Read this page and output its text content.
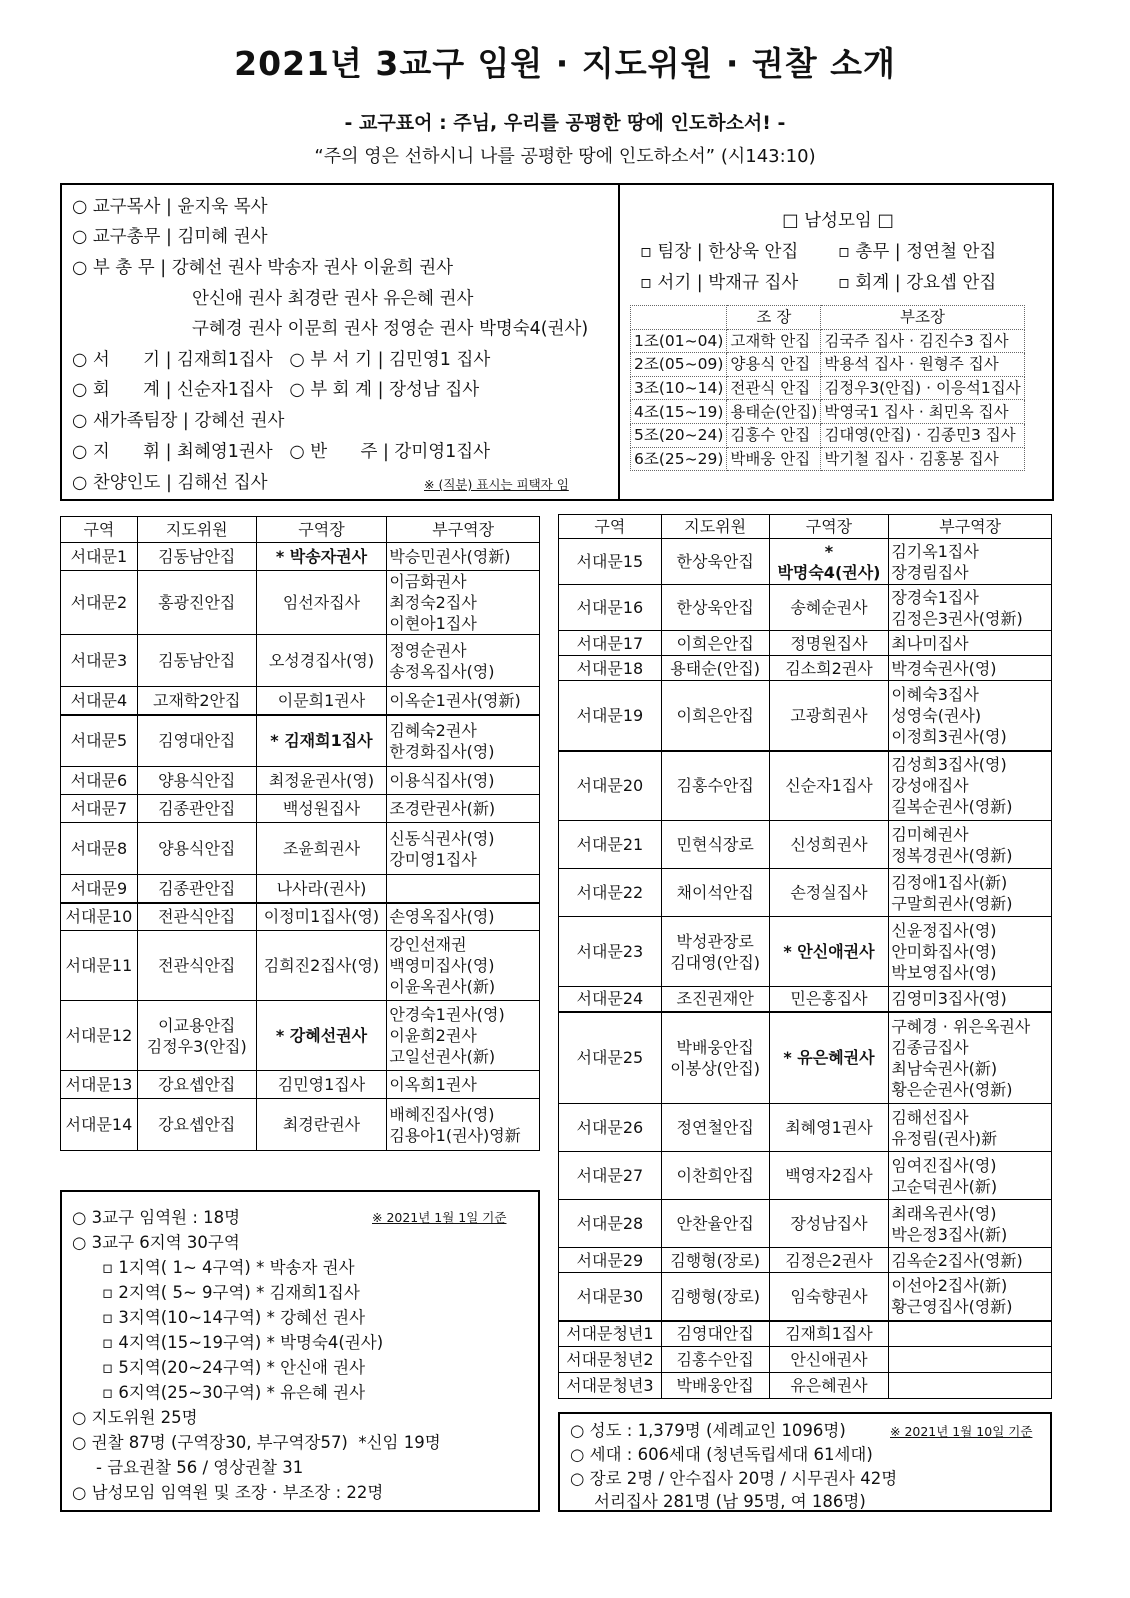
2021년 3교구 임원 · 지도위원 · 권찰 소개
- 교구표어 : 주님, 우리를 공평한 땅에 인도하소서! -
“주의 영은 선하시니 나를 공평한 땅에 인도하소서” (시143:10)
○ 교구목사 | 윤지욱 목사
○ 교구총무 | 김미혜 권사
○ 부 총 무 | 강혜선 권사 박송자 권사 이윤희 권사
안신애 권사 최경란 권사 유은혜 권사
구혜경 권사 이문희 권사 정영순 권사 박명숙4(권사)
○ 서      기 | 김재희1집사   ○ 부 서 기 | 김민영1 집사
○ 회      계 | 신순자1집사   ○ 부 회 계 | 장성남 집사
○ 새가족팀장 | 강혜선 권사
○ 지      휘 | 최혜영1권사   ○ 반      주 | 강미영1집사
○ 찬양인도 | 김해선 집사	※ (직분) 표시는 피택자 임
□ 남성모임 □
▫ 팀장 | 한상욱 안집 ▫ 총무 | 정연철 안집
▫ 서기 | 박재규 집사 ▫ 회계 | 강요셉 안집
	조 장	부조장
1조(01~04)	고재학 안집	김국주 집사 · 김진수3 집사
2조(05~09)	양용식 안집	박용석 집사 · 원형주 집사
3조(10~14)	전관식 안집	김정우3(안집) · 이응석1집사
4조(15~19)	용태순(안집)	박영국1 집사 · 최민옥 집사
5조(20~24)	김홍수 안집	김대영(안집) · 김종민3 집사
6조(25~29)	박배웅 안집	박기철 집사 · 김홍봉 집사
구역	지도위원	구역장	부구역장
서대문1	김동남안집	* 박송자권사	박승민권사(영新)
서대문2	홍광진안집	임선자집사	이금화권사
최정숙2집사
이현아1집사
서대문3	김동남안집	오성경집사(영)	정영순권사
송정옥집사(영)
서대문4	고재학2안집	이문희1권사	이옥순1권사(영新)
서대문5	김영대안집	* 김재희1집사	김혜숙2권사
한경화집사(영)
서대문6	양용식안집	최정윤권사(영)	이용식집사(영)
서대문7	김종관안집	백성원집사	조경란권사(新)
서대문8	양용식안집	조윤희권사	신동식권사(영)
강미영1집사
서대문9	김종관안집	나사라(권사)	
서대문10	전관식안집	이정미1집사(영)	손영옥집사(영)
서대문11	전관식안집	김희진2집사(영)	강인선재권
백영미집사(영)
이윤옥권사(新)
서대문12	이교용안집
김정우3(안집)	* 강혜선권사	안경숙1권사(영)
이윤희2권사
고일선권사(新)
서대문13	강요셉안집	김민영1집사	이옥희1권사
서대문14	강요셉안집	최경란권사	배혜진집사(영)
김용아1(권사)영新
구역	지도위원	구역장	부구역장
서대문15	한상욱안집	*
박명숙4(권사)	김기옥1집사
장경림집사
서대문16	한상욱안집	송혜순권사	장경숙1집사
김정은3권사(영新)
서대문17	이희은안집	정명원집사	최나미집사
서대문18	용태순(안집)	김소희2권사	박경숙권사(영)
서대문19	이희은안집	고광희권사	이혜숙3집사
성영숙(권사)
이정희3권사(영)
서대문20	김홍수안집	신순자1집사	김성희3집사(영)
강성애집사
길복순권사(영新)
서대문21	민현식장로	신성희권사	김미혜권사
정복경권사(영新)
서대문22	채이석안집	손정실집사	김정애1집사(新)
구말희권사(영新)
서대문23	박성관장로
김대영(안집)	* 안신애권사	신윤정집사(영)
안미화집사(영)
박보영집사(영)
서대문24	조진권재안	민은홍집사	김영미3집사(영)
서대문25	박배웅안집
이봉상(안집)	* 유은혜권사	구혜경 · 위은옥권사
김종금집사
최남숙권사(新)
황은순권사(영新)
서대문26	정연철안집	최혜영1권사	김해선집사
유정림(권사)新
서대문27	이찬희안집	백영자2집사	임여진집사(영)
고순덕권사(新)
서대문28	안찬율안집	장성남집사	최래옥권사(영)
박은정3집사(新)
서대문29	김행형(장로)	김정은2권사	김옥순2집사(영新)
서대문30	김행형(장로)	임숙향권사	이선아2집사(新)
황근영집사(영新)
서대문청년1	김영대안집	김재희1집사	
서대문청년2	김홍수안집	안신애권사	
서대문청년3	박배웅안집	유은혜권사	
※ 2021년 1월 1일 기준
○ 3교구 임역원 : 18명
○ 3교구 6지역 30구역
▫ 1지역( 1~ 4구역) * 박송자 권사
▫ 2지역( 5~ 9구역) * 김재희1집사
▫ 3지역(10~14구역) * 강혜선 권사
▫ 4지역(15~19구역) * 박명숙4(권사)
▫ 5지역(20~24구역) * 안신애 권사
▫ 6지역(25~30구역) * 유은혜 권사
○ 지도위원 25명
○ 권찰 87명 (구역장30, 부구역장57)  *신임 19명
- 금요권찰 56 / 영상권찰 31
○ 남성모임 임역원 및 조장 · 부조장 : 22명
※ 2021년 1월 10일 기준
○ 성도 : 1,379명 (세례교인 1096명)
○ 세대 : 606세대 (청년독립세대 61세대)
○ 장로 2명 / 안수집사 20명 / 시무권사 42명
서리집사 281명 (남 95명, 여 186명)
